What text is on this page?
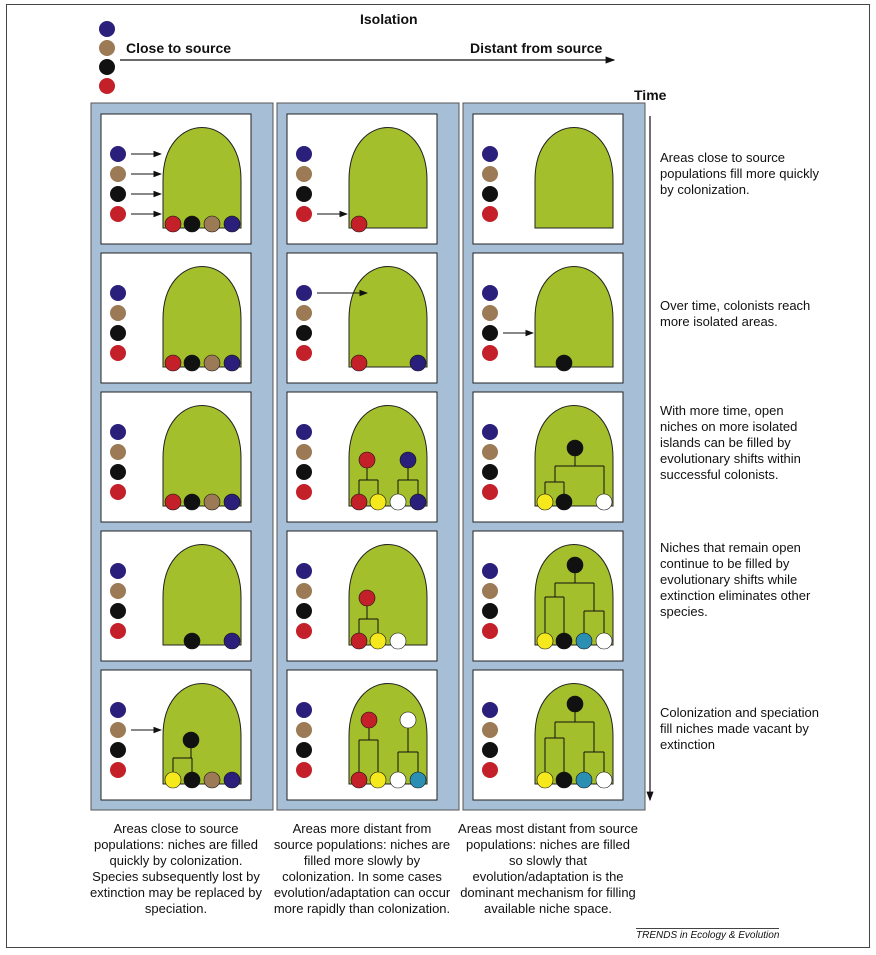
Isolation
Close to source	Distant from source
Time
Areas close to source populations fill more quickly by colonization.
Over time, colonists reach more isolated areas.
With more time, open niches on more isolated islands can be filled by evolutionary shifts within successful colonists.
Niches that remain open continue to be filled by evolutionary shifts while extinction eliminates other species.
Colonization and speciation fill niches made vacant by extinction
Areas close to source populations: niches are filled quickly by colonization. Species subsequently lost by extinction may be replaced by speciation.
Areas more distant from source populations: niches are filled more slowly by colonization. In some cases evolution/adaptation can occur more rapidly than colonization.
Areas most distant from source populations: niches are filled so slowly that evolution/adaptation is the dominant mechanism for filling available niche space.
TRENDS in Ecology & Evolution
